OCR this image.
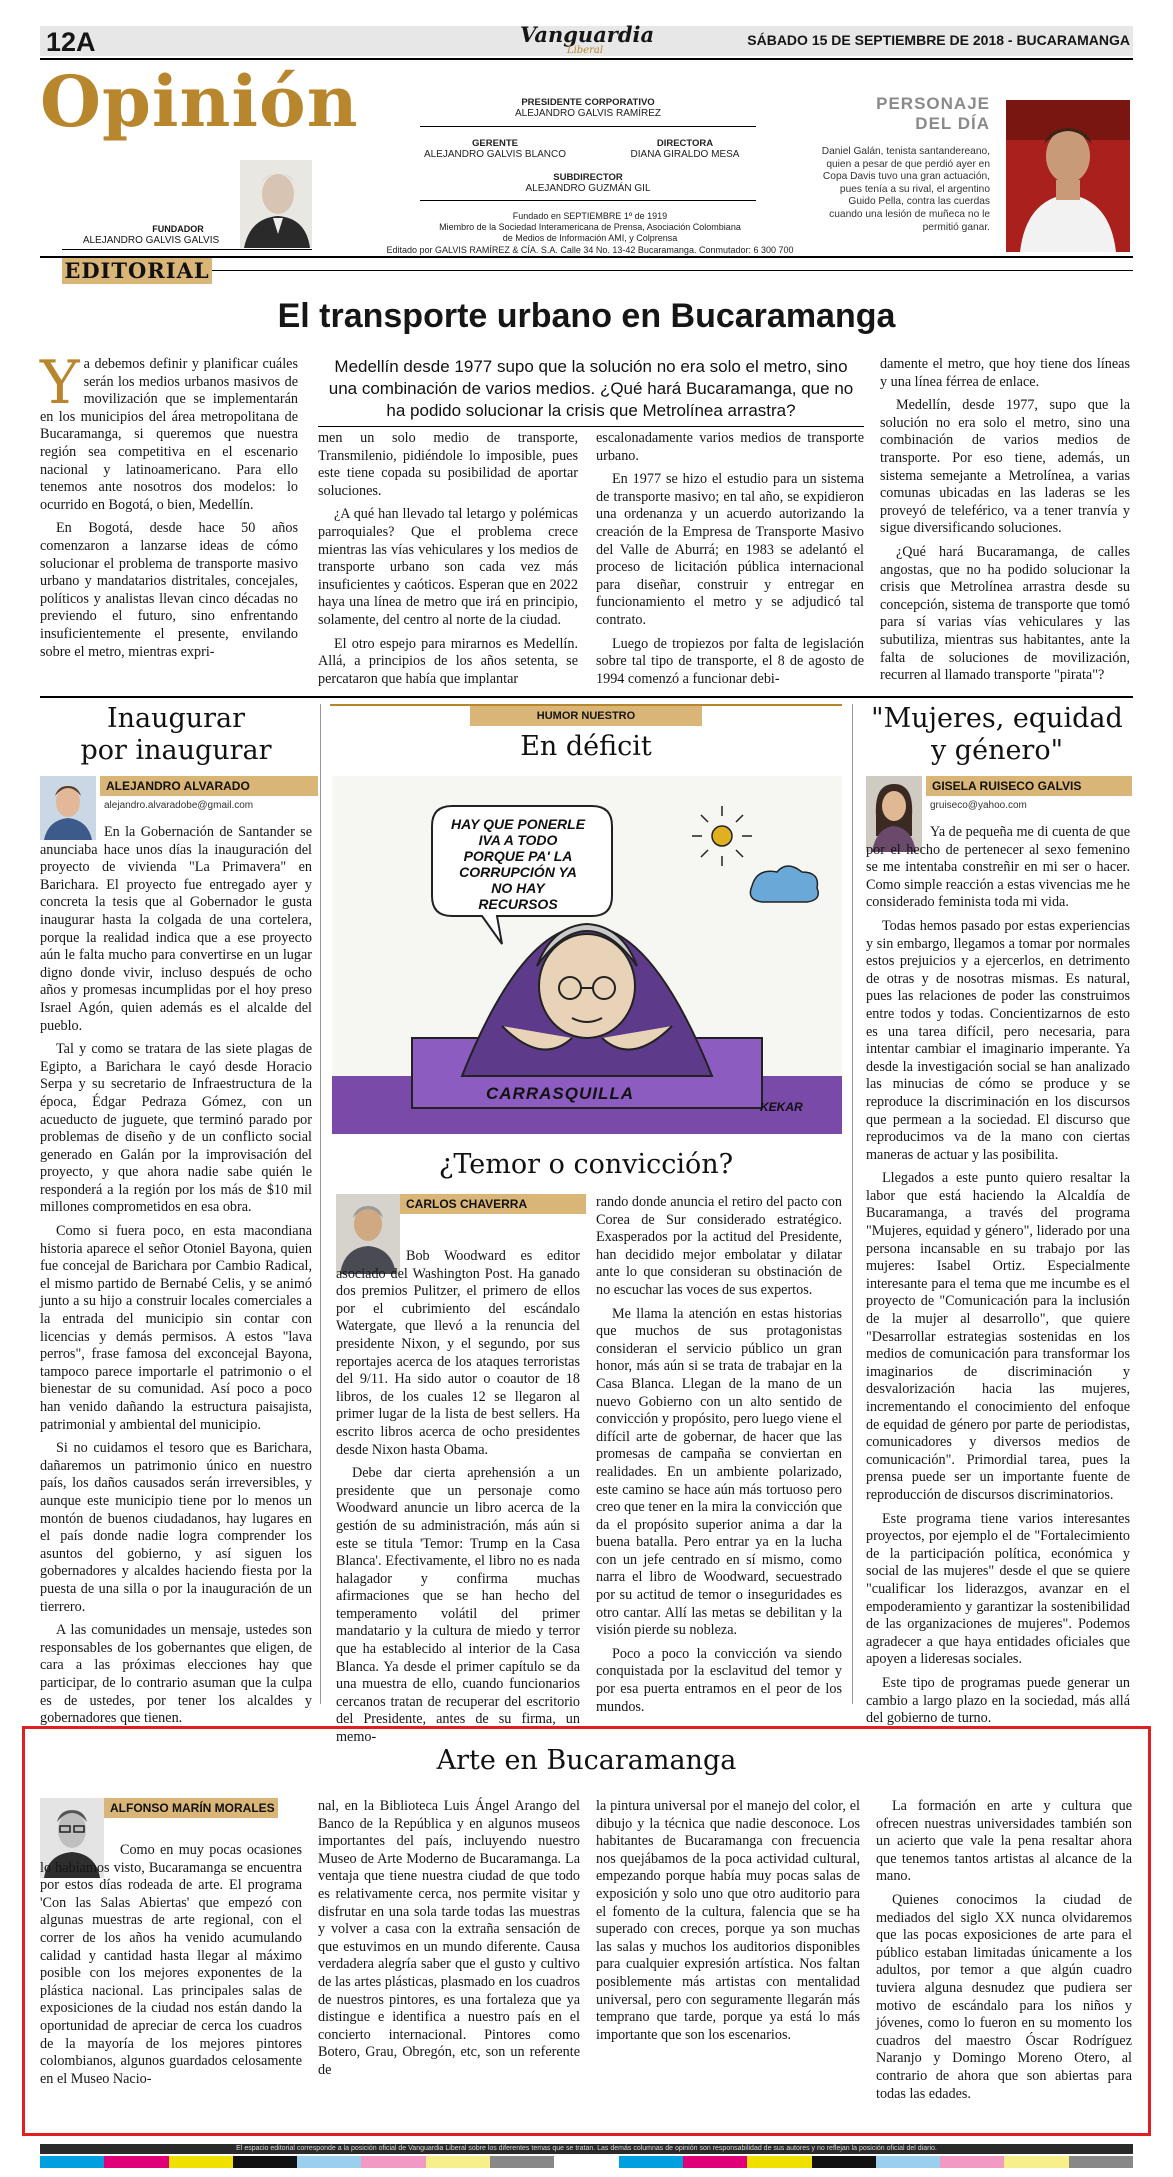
12A	Vanguardia
Liberal
SÁBADO 15 DE SEPTIEMBRE DE 2018 - BUCARAMANGA
Opinión
FUNDADOR
ALEJANDRO GALVIS GALVIS
PRESIDENTE CORPORATIVO
ALEJANDRO GALVIS RAMÍREZ
GERENTE
ALEJANDRO GALVIS BLANCO
DIRECTORA
DIANA GIRALDO MESA
SUBDIRECTOR
ALEJANDRO GUZMÁN GIL
Fundado en SEPTIEMBRE 1º de 1919
Miembro de la Sociedad Interamericana de Prensa, Asociación Colombiana
de Medios de Información AMI, y Colprensa
Editado por GALVIS RAMÍREZ & CÍA. S.A. Calle 34 No. 13-42 Bucaramanga. Conmutador: 6 300 700
PERSONAJE
DEL DÍA
Daniel Galán, tenista santandereano, quien a pesar de que perdió ayer en Copa Davis tuvo una gran actuación, pues tenía a su rival, el argentino Guido Pella, contra las cuerdas cuando una lesión de muñeca no le permitió ganar.
EDITORIAL
El transporte urbano en Bucaramanga

Ya debemos definir y planificar cuáles serán los medios urbanos masivos de movilización que se implementarán en los municipios del área metropolitana de Bucaramanga, si queremos que nuestra región sea competitiva en el escenario nacional y latinoamericano. Para ello tenemos ante nosotros dos modelos: lo ocurrido en Bogotá, o bien, Medellín.

En Bogotá, desde hace 50 años comenzaron a lanzarse ideas de cómo solucionar el problema de transporte masivo urbano y mandatarios distritales, concejales, políticos y analistas llevan cinco décadas no previendo el futuro, sino enfrentando insuficientemente el presente, envilando sobre el metro, mientras expri-

Medellín desde 1977 supo que la solución no era solo el metro, sino una combinación de varios medios. ¿Qué hará Bucaramanga, que no ha podido solucionar la crisis que Metrolínea arrastra?

men un solo medio de transporte, Transmilenio, pidiéndole lo imposible, pues este tiene copada su posibilidad de aportar soluciones.

¿A qué han llevado tal letargo y polémicas parroquiales? Que el problema crece mientras las vías vehiculares y los medios de transporte urbano son cada vez más insuficientes y caóticos. Esperan que en 2022 haya una línea de metro que irá en principio, solamente, del centro al norte de la ciudad.

El otro espejo para mirarnos es Medellín. Allá, a principios de los años setenta, se percataron que había que implantar

escalonadamente varios medios de transporte urbano.

En 1977 se hizo el estudio para un sistema de transporte masivo; en tal año, se expidieron una ordenanza y un acuerdo autorizando la creación de la Empresa de Transporte Masivo del Valle de Aburrá; en 1983 se adelantó el proceso de licitación pública internacional para diseñar, construir y entregar en funcionamiento el metro y se adjudicó tal contrato.

Luego de tropiezos por falta de legislación sobre tal tipo de transporte, el 8 de agosto de 1994 comenzó a funcionar debi-

damente el metro, que hoy tiene dos líneas y una línea férrea de enlace.

Medellín, desde 1977, supo que la solución no era solo el metro, sino una combinación de varios medios de transporte. Por eso tiene, además, un sistema semejante a Metrolínea, a varias comunas ubicadas en las laderas se les proveyó de teleférico, va a tener tranvía y sigue diversificando soluciones.

¿Qué hará Bucaramanga, de calles angostas, que no ha podido solucionar la crisis que Metrolínea arrastra desde su concepción, sistema de transporte que tomó para sí varias vías vehiculares y las subutiliza, mientras sus habitantes, ante la falta de soluciones de movilización, recurren al llamado transporte "pirata"?

Inaugurar
por inaugurar
ALEJANDRO ALVARADO
alejandro.alvaradobe@gmail.com

En la Gobernación de Santander se anunciaba hace unos días la inauguración del proyecto de vivienda "La Primavera" en Barichara. El proyecto fue entregado ayer y concreta la tesis que al Gobernador le gusta inaugurar hasta la colgada de una cortelera, porque la realidad indica que a ese proyecto aún le falta mucho para convertirse en un lugar digno donde vivir, incluso después de ocho años y promesas incumplidas por el hoy preso Israel Agón, quien además es el alcalde del pueblo.

Tal y como se tratara de las siete plagas de Egipto, a Barichara le cayó desde Horacio Serpa y su secretario de Infraestructura de la época, Édgar Pedraza Gómez, con un acueducto de juguete, que terminó parado por problemas de diseño y de un conflicto social generado en Galán por la improvisación del proyecto, y que ahora nadie sabe quién le responderá a la región por los más de $10 mil millones comprometidos en esa obra.

Como si fuera poco, en esta macondiana historia aparece el señor Otoniel Bayona, quien fue concejal de Barichara por Cambio Radical, el mismo partido de Bernabé Celis, y se animó junto a su hijo a construir locales comerciales a la entrada del municipio sin contar con licencias y demás permisos. A estos "lava perros", frase famosa del exconcejal Bayona, tampoco parece importarle el patrimonio o el bienestar de su comunidad. Así poco a poco han venido dañando la estructura paisajista, patrimonial y ambiental del municipio.

Si no cuidamos el tesoro que es Barichara, dañaremos un patrimonio único en nuestro país, los daños causados serán irreversibles, y aunque este municipio tiene por lo menos un montón de buenos ciudadanos, hay lugares en el país donde nadie logra comprender los asuntos del gobierno, y así siguen los gobernadores y alcaldes haciendo fiesta por la puesta de una silla o por la inauguración de un tierrero.

A las comunidades un mensaje, ustedes son responsables de los gobernantes que eligen, de cara a las próximas elecciones hay que participar, de lo contrario asuman que la culpa es de ustedes, por tener los alcaldes y gobernadores que tienen.

HUMOR NUESTRO
En déficit
HAY QUE PONERLE IVA A TODO PORQUE PA' LA CORRUPCIÓN YA NO HAY RECURSOS
CARRASQUILLA
KEKAR
¿Temor o convicción?
CARLOS CHAVERRA

Bob Woodward es editor asociado del Washington Post. Ha ganado dos premios Pulitzer, el primero de ellos por el cubrimiento del escándalo Watergate, que llevó a la renuncia del presidente Nixon, y el segundo, por sus reportajes acerca de los ataques terroristas del 9/11. Ha sido autor o coautor de 18 libros, de los cuales 12 se llegaron al primer lugar de la lista de best sellers. Ha escrito libros acerca de ocho presidentes desde Nixon hasta Obama.

Debe dar cierta aprehensión a un presidente que un personaje como Woodward anuncie un libro acerca de la gestión de su administración, más aún si este se titula 'Temor: Trump en la Casa Blanca'. Efectivamente, el libro no es nada halagador y confirma muchas afirmaciones que se han hecho del temperamento volátil del primer mandatario y la cultura de miedo y terror que ha establecido al interior de la Casa Blanca. Ya desde el primer capítulo se da una muestra de ello, cuando funcionarios cercanos tratan de recuperar del escritorio del Presidente, antes de su firma, un memo-

rando donde anuncia el retiro del pacto con Corea de Sur considerado estratégico. Exasperados por la actitud del Presidente, han decidido mejor embolatar y dilatar ante lo que consideran su obstinación de no escuchar las voces de sus expertos.

Me llama la atención en estas historias que muchos de sus protagonistas consideran el servicio público un gran honor, más aún si se trata de trabajar en la Casa Blanca. Llegan de la mano de un nuevo Gobierno con un alto sentido de convicción y propósito, pero luego viene el difícil arte de gobernar, de hacer que las promesas de campaña se conviertan en realidades. En un ambiente polarizado, este camino se hace aún más tortuoso pero creo que tener en la mira la convicción que da el propósito superior anima a dar la buena batalla. Pero entrar ya en la lucha con un jefe centrado en sí mismo, como narra el libro de Woodward, secuestrado por su actitud de temor o inseguridades es otro cantar. Allí las metas se debilitan y la visión pierde su nobleza.

Poco a poco la convicción va siendo conquistada por la esclavitud del temor y por esa puerta entramos en el peor de los mundos.

"Mujeres, equidad
y género"
GISELA RUISECO GALVIS
gruiseco@yahoo.com

Ya de pequeña me di cuenta de que por el hecho de pertenecer al sexo femenino se me intentaba constreñir en mi ser o hacer. Como simple reacción a estas vivencias me he considerado feminista toda mi vida.

Todas hemos pasado por estas experiencias y sin embargo, llegamos a tomar por normales estos prejuicios y a ejercerlos, en detrimento de otras y de nosotras mismas. Es natural, pues las relaciones de poder las construimos entre todos y todas. Concientizarnos de esto es una tarea difícil, pero necesaria, para intentar cambiar el imaginario imperante. Ya desde la investigación social se han analizado las minucias de cómo se produce y se reproduce la discriminación en los discursos que permean a la sociedad. El discurso que reproducimos va de la mano con ciertas maneras de actuar y las posibilita.

Llegados a este punto quiero resaltar la labor que está haciendo la Alcaldía de Bucaramanga, a través del programa "Mujeres, equidad y género", liderado por una persona incansable en su trabajo por las mujeres: Isabel Ortiz. Especialmente interesante para el tema que me incumbe es el proyecto de "Comunicación para la inclusión de la mujer al desarrollo", que quiere "Desarrollar estrategias sostenidas en los medios de comunicación para transformar los imaginarios de discriminación y desvalorización hacia las mujeres, incrementando el conocimiento del enfoque de equidad de género por parte de periodistas, comunicadores y diversos medios de comunicación". Primordial tarea, pues la prensa puede ser un importante fuente de reproducción de discursos discriminatorios.

Este programa tiene varios interesantes proyectos, por ejemplo el de "Fortalecimiento de la participación política, económica y social de las mujeres" desde el que se quiere "cualificar los liderazgos, avanzar en el empoderamiento y garantizar la sostenibilidad de las organizaciones de mujeres". Podemos agradecer a que haya entidades oficiales que apoyen a lideresas sociales.

Este tipo de programas puede generar un cambio a largo plazo en la sociedad, más allá del gobierno de turno.

Arte en Bucaramanga
ALFONSO MARÍN MORALES

Como en muy pocas ocasiones lo habíamos visto, Bucaramanga se encuentra por estos días rodeada de arte. El programa 'Con las Salas Abiertas' que empezó con algunas muestras de arte regional, con el correr de los años ha venido acumulando calidad y cantidad hasta llegar al máximo posible con los mejores exponentes de la plástica nacional. Las principales salas de exposiciones de la ciudad nos están dando la oportunidad de apreciar de cerca los cuadros de la mayoría de los mejores pintores colombianos, algunos guardados celosamente en el Museo Nacio-

nal, en la Biblioteca Luis Ángel Arango del Banco de la República y en algunos museos importantes del país, incluyendo nuestro Museo de Arte Moderno de Bucaramanga. La ventaja que tiene nuestra ciudad de que todo es relativamente cerca, nos permite visitar y disfrutar en una sola tarde todas las muestras y volver a casa con la extraña sensación de que estuvimos en un mundo diferente. Causa verdadera alegría saber que el gusto y cultivo de las artes plásticas, plasmado en los cuadros de nuestros pintores, es una fortaleza que ya distingue e identifica a nuestro país en el concierto internacional. Pintores como Botero, Grau, Obregón, etc, son un referente de

la pintura universal por el manejo del color, el dibujo y la técnica que nadie desconoce. Los habitantes de Bucaramanga con frecuencia nos quejábamos de la poca actividad cultural, empezando porque había muy pocas salas de exposición y solo uno que otro auditorio para el fomento de la cultura, falencia que se ha superado con creces, porque ya son muchas las salas y muchos los auditorios disponibles para cualquier expresión artística. Nos faltan posiblemente más artistas con mentalidad universal, pero con seguramente llegarán más temprano que tarde, porque ya está lo más importante que son los escenarios.

La formación en arte y cultura que ofrecen nuestras universidades también son un acierto que vale la pena resaltar ahora que tenemos tantos artistas al alcance de la mano.

Quienes conocimos la ciudad de mediados del siglo XX nunca olvidaremos que las pocas exposiciones de arte para el público estaban limitadas únicamente a los adultos, por temor a que algún cuadro tuviera alguna desnudez que pudiera ser motivo de escándalo para los niños y jóvenes, como lo fueron en su momento los cuadros del maestro Óscar Rodríguez Naranjo y Domingo Moreno Otero, al contrario de ahora que son abiertas para todas las edades.

El espacio editorial corresponde a la posición oficial de Vanguardia Liberal sobre los diferentes temas que se tratan. Las demás columnas de opinión son responsabilidad de sus autores y no reflejan la posición oficial del diario.
